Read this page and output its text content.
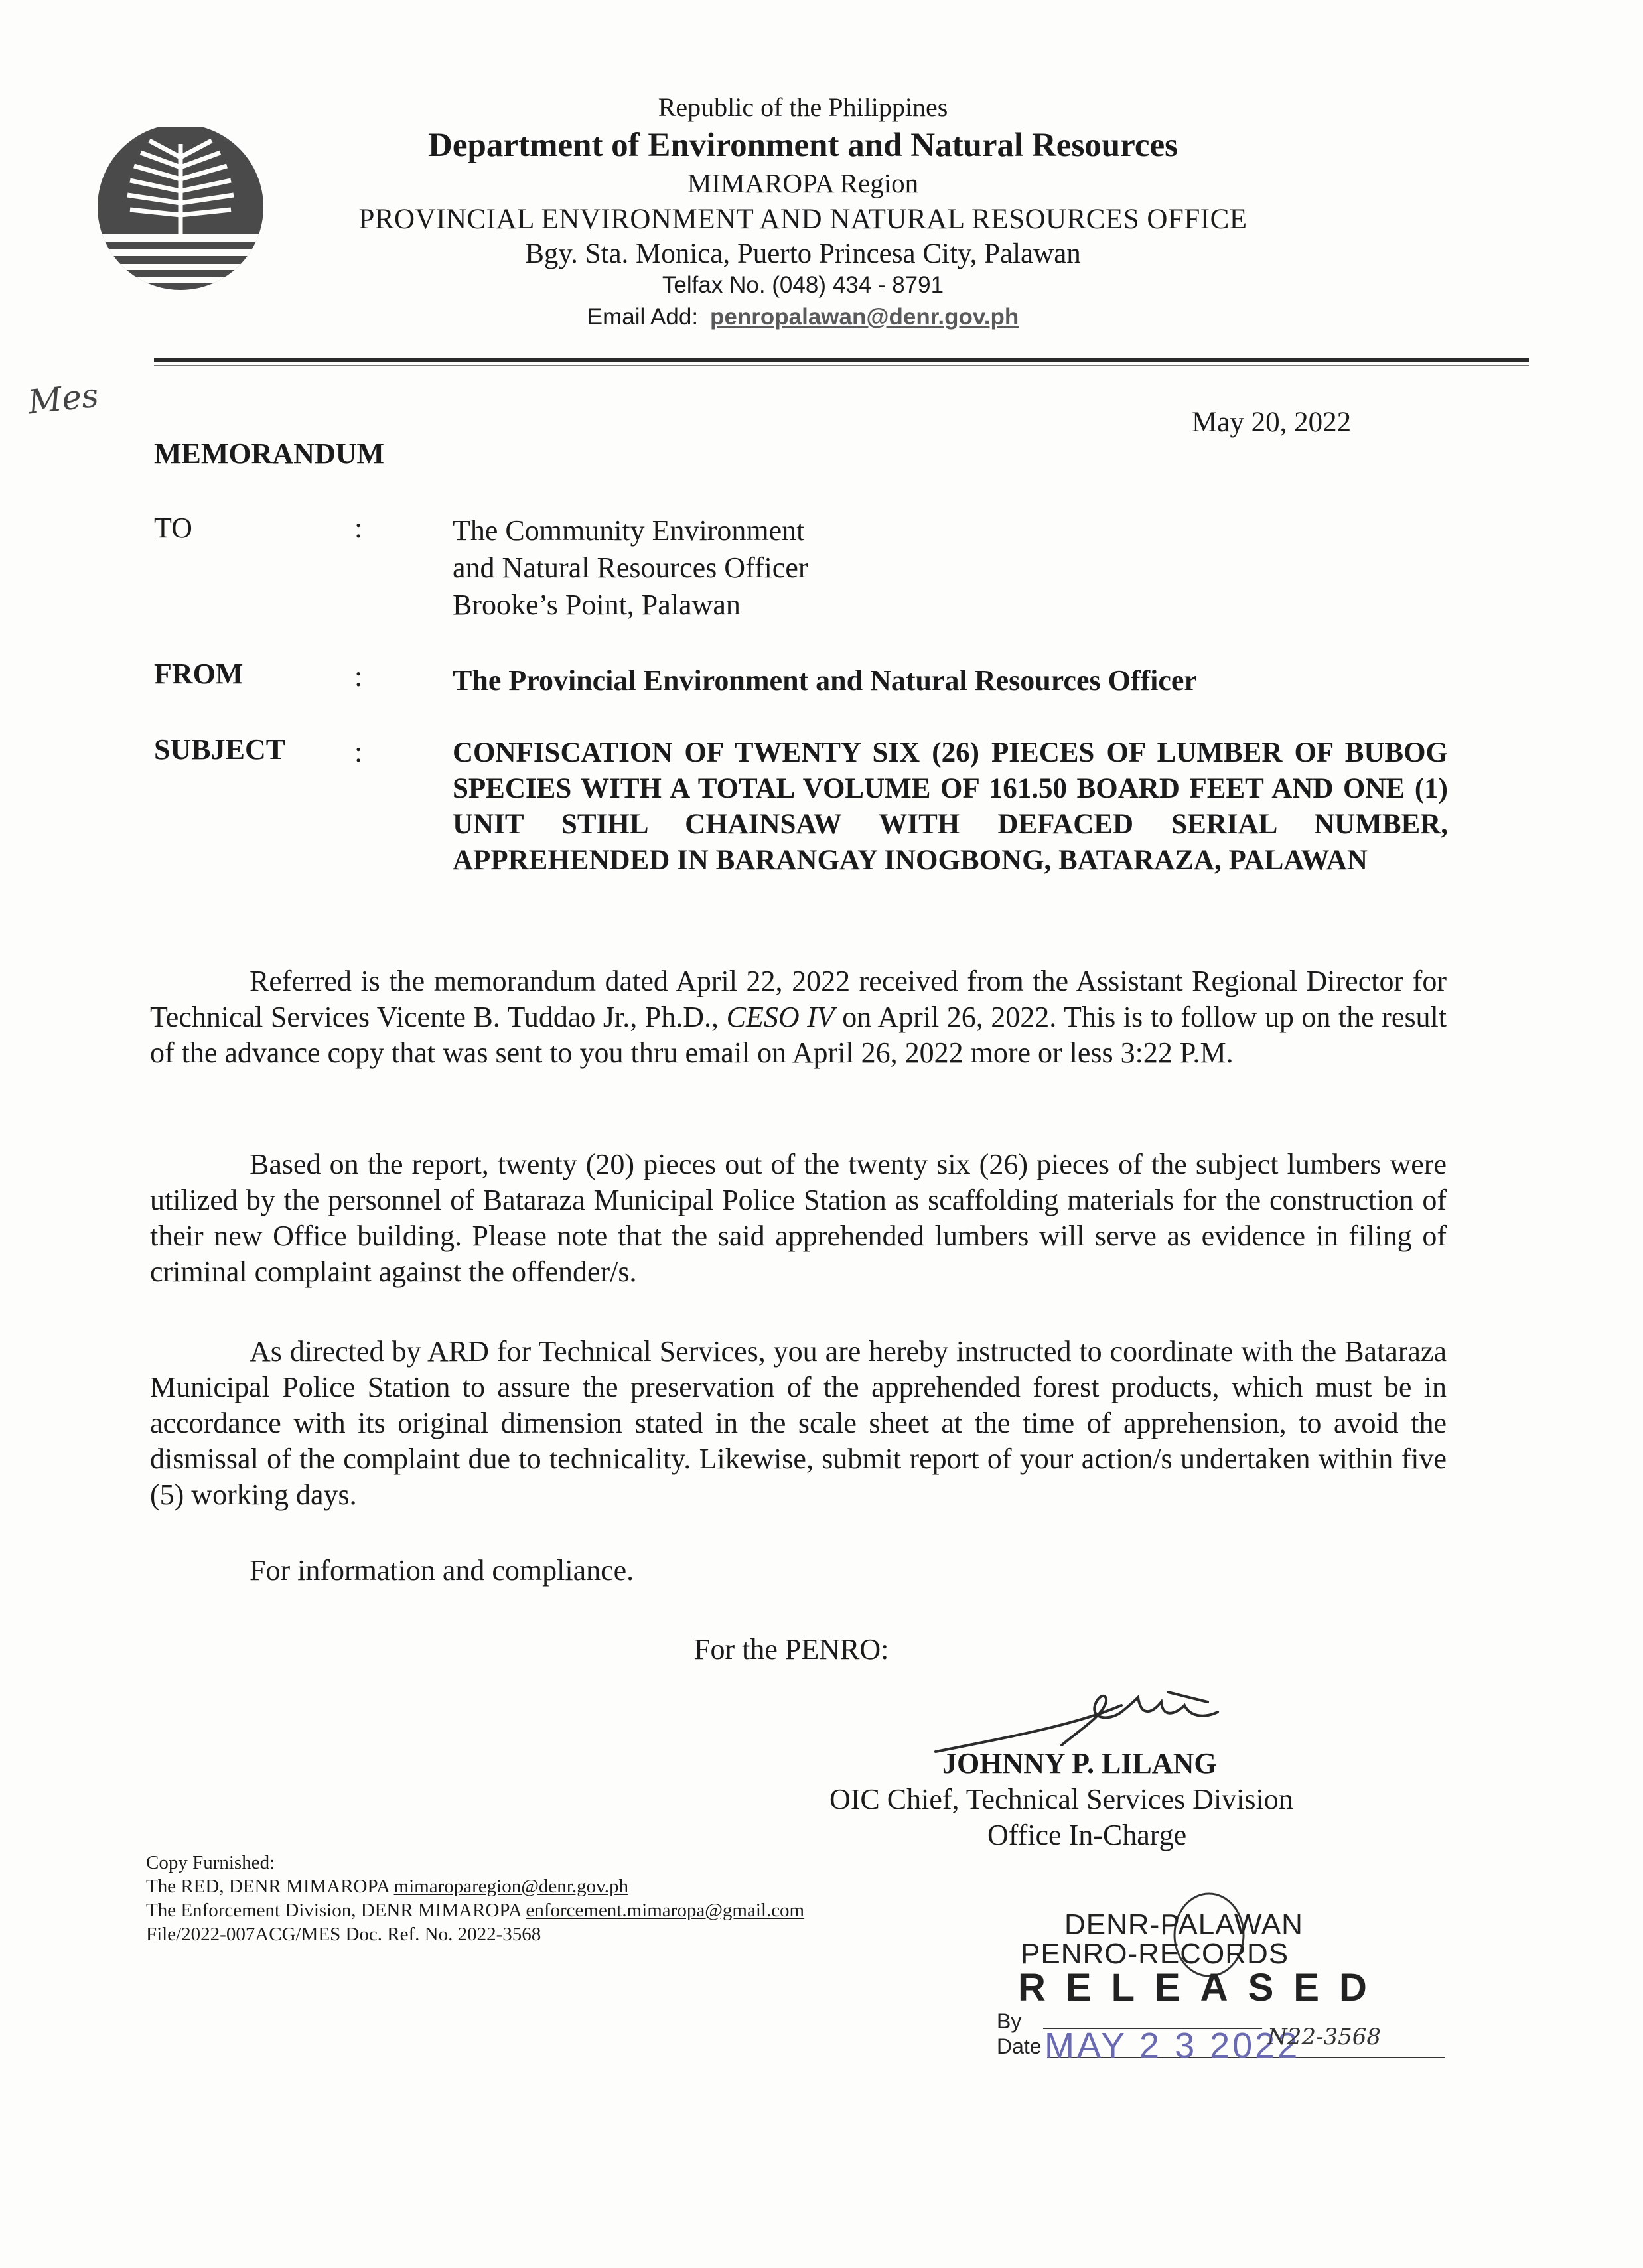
Republic of the Philippines
Department of Environment and Natural Resources
MIMAROPA Region
PROVINCIAL ENVIRONMENT AND NATURAL RESOURCES OFFICE
Bgy. Sta. Monica, Puerto Princesa City, Palawan
Telfax No. (048) 434 - 8791
Email Add: penropalawan@denr.gov.ph
Mes
May 20, 2022
MEMORANDUM
TO	:	The Community Environment
and Natural Resources Officer
Brooke’s Point, Palawan
FROM	:	The Provincial Environment and Natural Resources Officer
SUBJECT :	CONFISCATION OF TWENTY SIX (26) PIECES OF LUMBER OF BUBOG SPECIES WITH A TOTAL VOLUME OF 161.50 BOARD FEET AND ONE (1) UNIT STIHL CHAINSAW WITH DEFACED SERIAL NUMBER, APPREHENDED IN BARANGAY INOGBONG, BATARAZA, PALAWAN
Referred is the memorandum dated April 22, 2022 received from the Assistant Regional Director for Technical Services Vicente B. Tuddao Jr., Ph.D., CESO IV on April 26, 2022. This is to follow up on the result of the advance copy that was sent to you thru email on April 26, 2022 more or less 3:22 P.M.
Based on the report, twenty (20) pieces out of the twenty six (26) pieces of the subject lumbers were utilized by the personnel of Bataraza Municipal Police Station as scaffolding materials for the construction of their new Office building. Please note that the said apprehended lumbers will serve as evidence in filing of criminal complaint against the offender/s.
As directed by ARD for Technical Services, you are hereby instructed to coordinate with the Bataraza Municipal Police Station to assure the preservation of the apprehended forest products, which must be in accordance with its original dimension stated in the scale sheet at the time of apprehension, to avoid the dismissal of the complaint due to technicality. Likewise, submit report of your action/s undertaken within five (5) working days.
For information and compliance.
For the PENRO:
JOHNNY P. LILANG
OIC Chief, Technical Services Division
Office In-Charge
Copy Furnished:
The RED, DENR MIMAROPA mimaroparegion@denr.gov.ph
The Enforcement Division, DENR MIMAROPA enforcement.mimaropa@gmail.com
File/2022-007ACG/MES Doc. Ref. No. 2022-3568	DENR-PALAWAN
PENRO-RECORDS
RELEASED
By
Date MAY 2 3 2022
N22-3568
